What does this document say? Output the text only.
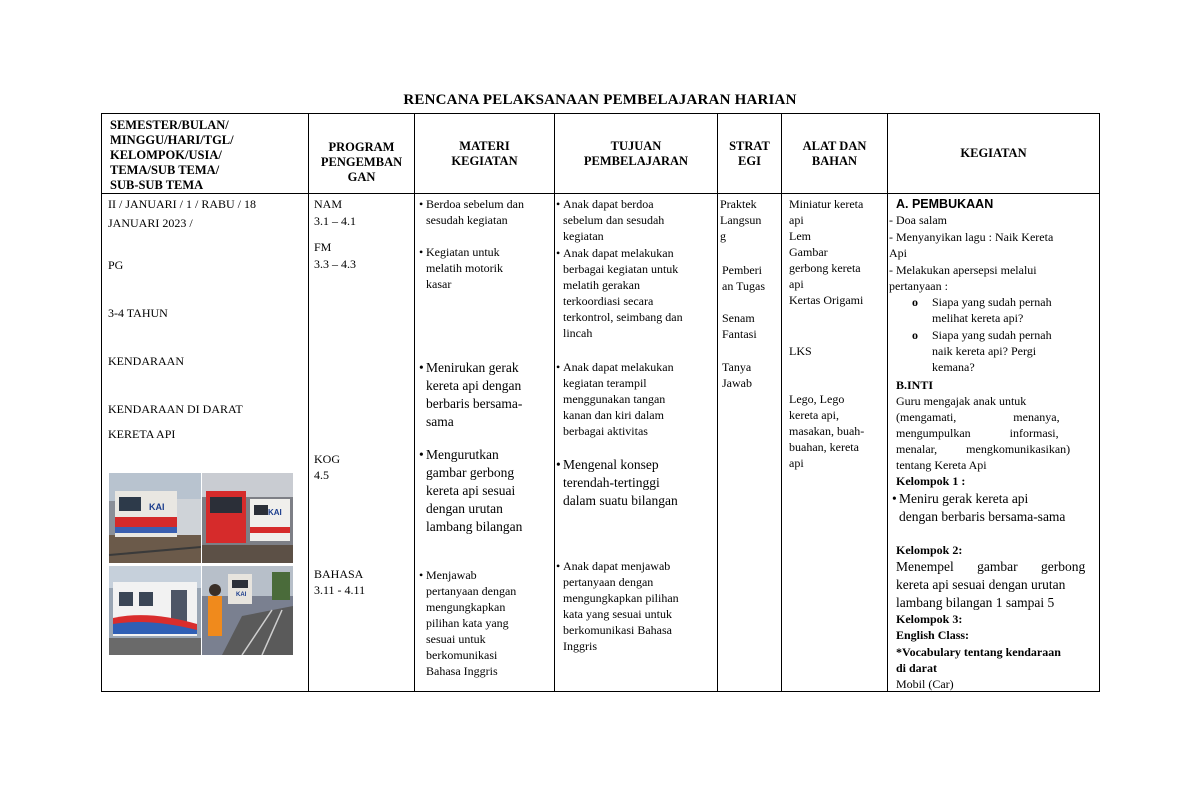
RENCANA PELAKSANAAN PEMBELAJARAN HARIAN
SEMESTER/BULAN/
MINGGU/HARI/TGL/
KELOMPOK/USIA/
TEMA/SUB TEMA/
SUB-SUB TEMA
PROGRAM
PENGEMBAN
GAN
MATERI
KEGIATAN
TUJUAN
PEMBELAJARAN
STRAT
EGI
ALAT DAN
BAHAN
KEGIATAN
II / JANUARI / 1 / RABU / 18
JANUARI 2023 /
PG
3-4 TAHUN
KENDARAAN
KENDARAAN DI DARAT
KERETA API
KAI
KAI
KAI
NAM
3.1 – 4.1
FM
3.3 – 4.3
KOG
4.5
BAHASA
3.11 - 4.11
• Berdoa sebelum dan
sesudah kegiatan
• Kegiatan untuk
melatih motorik
kasar
• Menirukan gerak
kereta api dengan
berbaris bersama-
sama
• Mengurutkan
gambar gerbong
kereta api sesuai
dengan urutan
lambang bilangan
• Menjawab
pertanyaan dengan
mengungkapkan
pilihan kata yang
sesuai untuk
berkomunikasi
Bahasa Inggris
• Anak dapat berdoa
sebelum dan sesudah
kegiatan
• Anak dapat melakukan
berbagai kegiatan untuk
melatih gerakan
terkoordiasi secara
terkontrol, seimbang dan
lincah
• Anak dapat melakukan
kegiatan terampil
menggunakan tangan
kanan dan kiri dalam
berbagai aktivitas
• Mengenal konsep
terendah-tertinggi
dalam suatu bilangan
• Anak dapat menjawab
pertanyaan dengan
mengungkapkan pilihan
kata yang sesuai untuk
berkomunikasi Bahasa
Inggris
Praktek
Langsun
g
Pemberi
an Tugas
Senam
Fantasi
Tanya
Jawab
Miniatur kereta
api
Lem
Gambar
gerbong kereta
api
Kertas Origami
LKS
Lego, Lego
kereta api,
masakan, buah-
buahan, kereta
api
A. PEMBUKAAN
- Doa salam
- Menyanyikan lagu : Naik Kereta
Api
- Melakukan apersepsi melalui
pertanyaan :
o Siapa yang sudah pernah
melihat kereta api?
o Siapa yang sudah pernah
naik kereta api? Pergi
kemana?
B.INTI
Guru mengajak anak untuk
(mengamati, menanya,
mengumpulkan informasi,
menalar, mengkomunikasikan)
tentang Kereta Api
Kelompok 1 :
• Meniru gerak kereta api
dengan berbaris bersama-sama
Kelompok 2:
Menempel gambar gerbong
kereta api sesuai dengan urutan
lambang bilangan 1 sampai 5
Kelompok 3:
English Class:
*Vocabulary tentang kendaraan
di darat
Mobil (Car)
